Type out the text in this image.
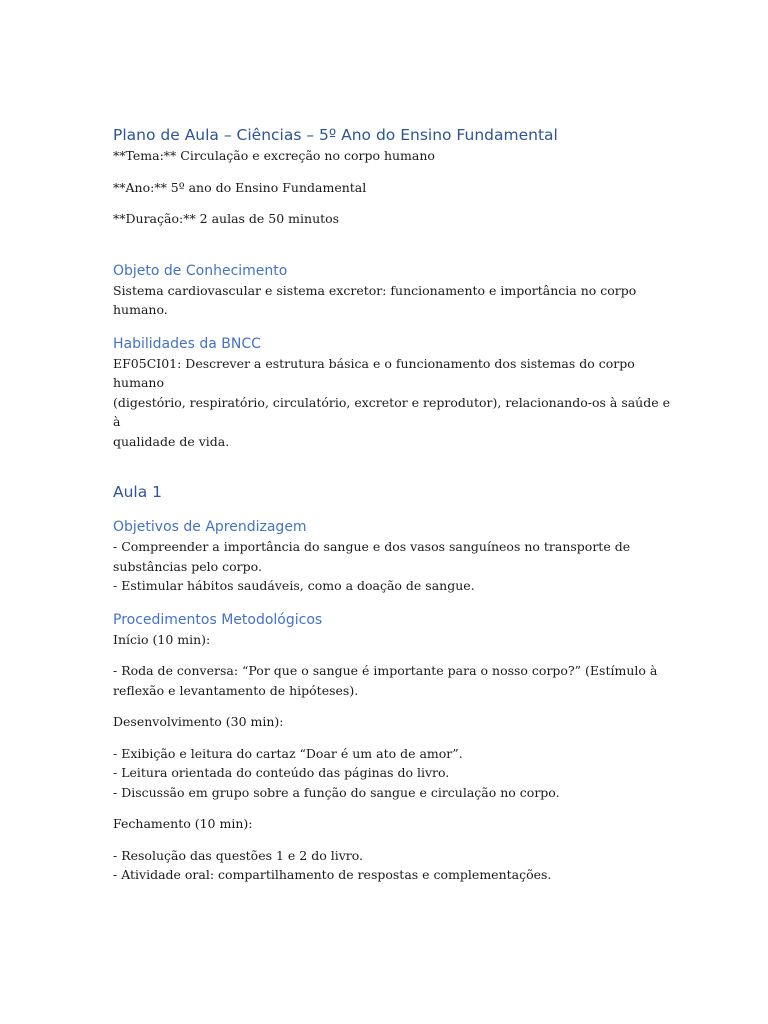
Plano de Aula – Ciências – 5º Ano do Ensino Fundamental

**Tema:** Circulação e excreção no corpo humano

**Ano:** 5º ano do Ensino Fundamental

**Duração:** 2 aulas de 50 minutos

Objeto de Conhecimento

Sistema cardiovascular e sistema excretor: funcionamento e importância no corpo humano.

Habilidades da BNCC

EF05CI01: Descrever a estrutura básica e o funcionamento dos sistemas do corpo humano

(digestório, respiratório, circulatório, excretor e reprodutor), relacionando-os à saúde e à

qualidade de vida.

Aula 1
Objetivos de Aprendizagem

- Compreender a importância do sangue e dos vasos sanguíneos no transporte de

substâncias pelo corpo.

- Estimular hábitos saudáveis, como a doação de sangue.

Procedimentos Metodológicos

Início (10 min):

- Roda de conversa: “Por que o sangue é importante para o nosso corpo?” (Estímulo à

reflexão e levantamento de hipóteses).

Desenvolvimento (30 min):

- Exibição e leitura do cartaz “Doar é um ato de amor”.

- Leitura orientada do conteúdo das páginas do livro.

- Discussão em grupo sobre a função do sangue e circulação no corpo.

Fechamento (10 min):

- Resolução das questões 1 e 2 do livro.

- Atividade oral: compartilhamento de respostas e complementações.
